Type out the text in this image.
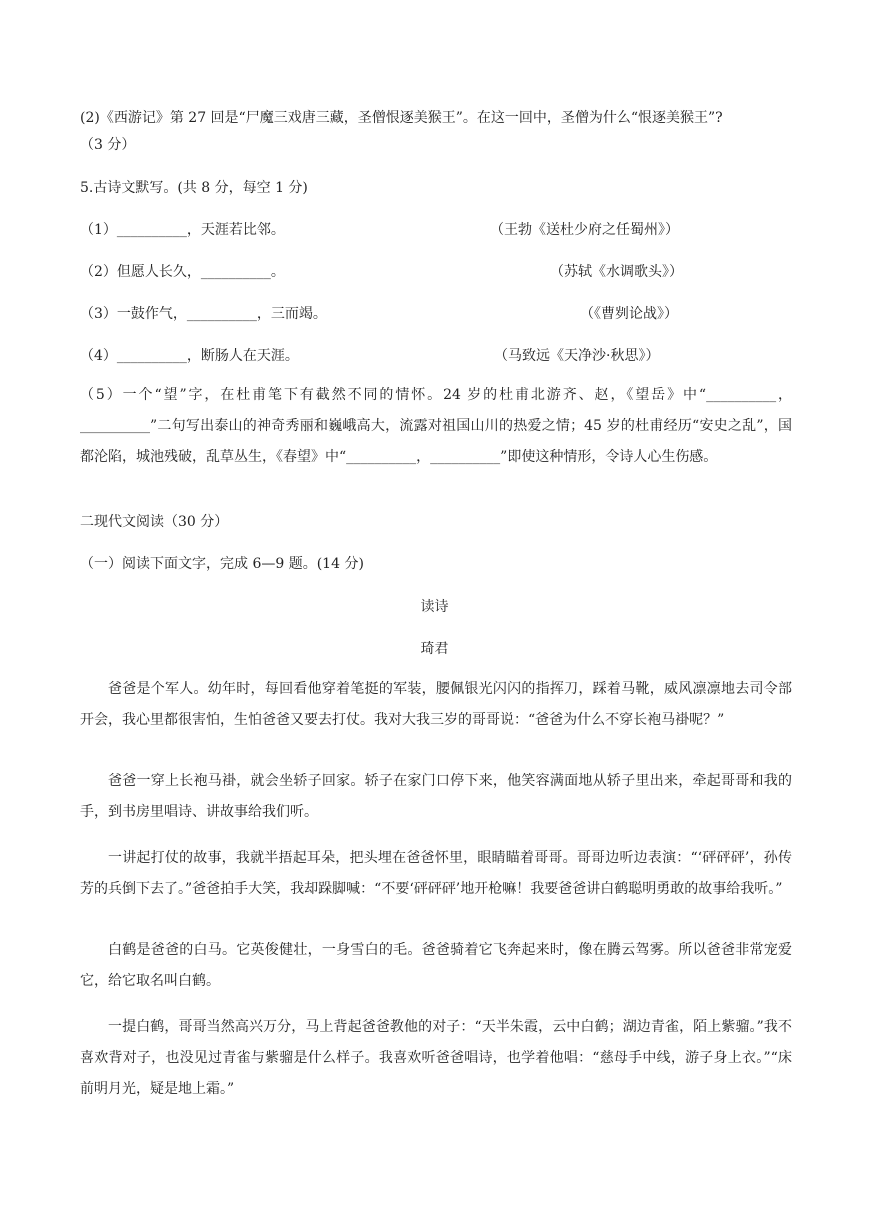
(2)《西游记》第 27 回是“尸魔三戏唐三藏，圣僧恨逐美猴王”。在这一回中，圣僧为什么“恨逐美猴王”?
（3 分）
5.古诗文默写。(共 8 分，每空 1 分)
（1）__________，天涯若比邻。	（王勃《送杜少府之任蜀州》）
（2）但愿人长久，__________。	（苏轼《水调歌头》）
（3）一鼓作气，__________，三而竭。	（《曹刿论战》）
（4）__________，断肠人在天涯。	（马致远《天净沙·秋思》）
（5）一个“望”字，在杜甫笔下有截然不同的情怀。24 岁的杜甫北游齐、赵，《望岳》中“__________，__________”二句写出泰山的神奇秀丽和巍峨高大，流露对祖国山川的热爱之情；45 岁的杜甫经历“安史之乱”，国都沦陷，城池残破，乱草丛生，《春望》中“__________，__________”即使这种情形，令诗人心生伤感。
二现代文阅读（30 分）
（一）阅读下面文字，完成 6—9 题。(14 分)
读诗
琦君
爸爸是个军人。幼年时，每回看他穿着笔挺的军装，腰佩银光闪闪的指挥刀，踩着马靴，威风凛凛地去司令部开会，我心里都很害怕，生怕爸爸又要去打仗。我对大我三岁的哥哥说：“爸爸为什么不穿长袍马褂呢？”
爸爸一穿上长袍马褂，就会坐轿子回家。轿子在家门口停下来，他笑容满面地从轿子里出来，牵起哥哥和我的手，到书房里唱诗、讲故事给我们听。
一讲起打仗的故事，我就半捂起耳朵，把头埋在爸爸怀里，眼睛瞄着哥哥。哥哥边听边表演：“‘砰砰砰’，孙传芳的兵倒下去了。”爸爸拍手大笑，我却跺脚喊：“不要‘砰砰砰’地开枪嘛！我要爸爸讲白鹤聪明勇敢的故事给我听。”
白鹤是爸爸的白马。它英俊健壮，一身雪白的毛。爸爸骑着它飞奔起来时，像在腾云驾雾。所以爸爸非常宠爱它，给它取名叫白鹤。
一提白鹤，哥哥当然高兴万分，马上背起爸爸教他的对子：“天半朱霞，云中白鹤；湖边青雀，陌上紫骝。”我不喜欢背对子，也没见过青雀与紫骝是什么样子。我喜欢听爸爸唱诗，也学着他唱：“慈母手中线，游子身上衣。”“床前明月光，疑是地上霜。”
